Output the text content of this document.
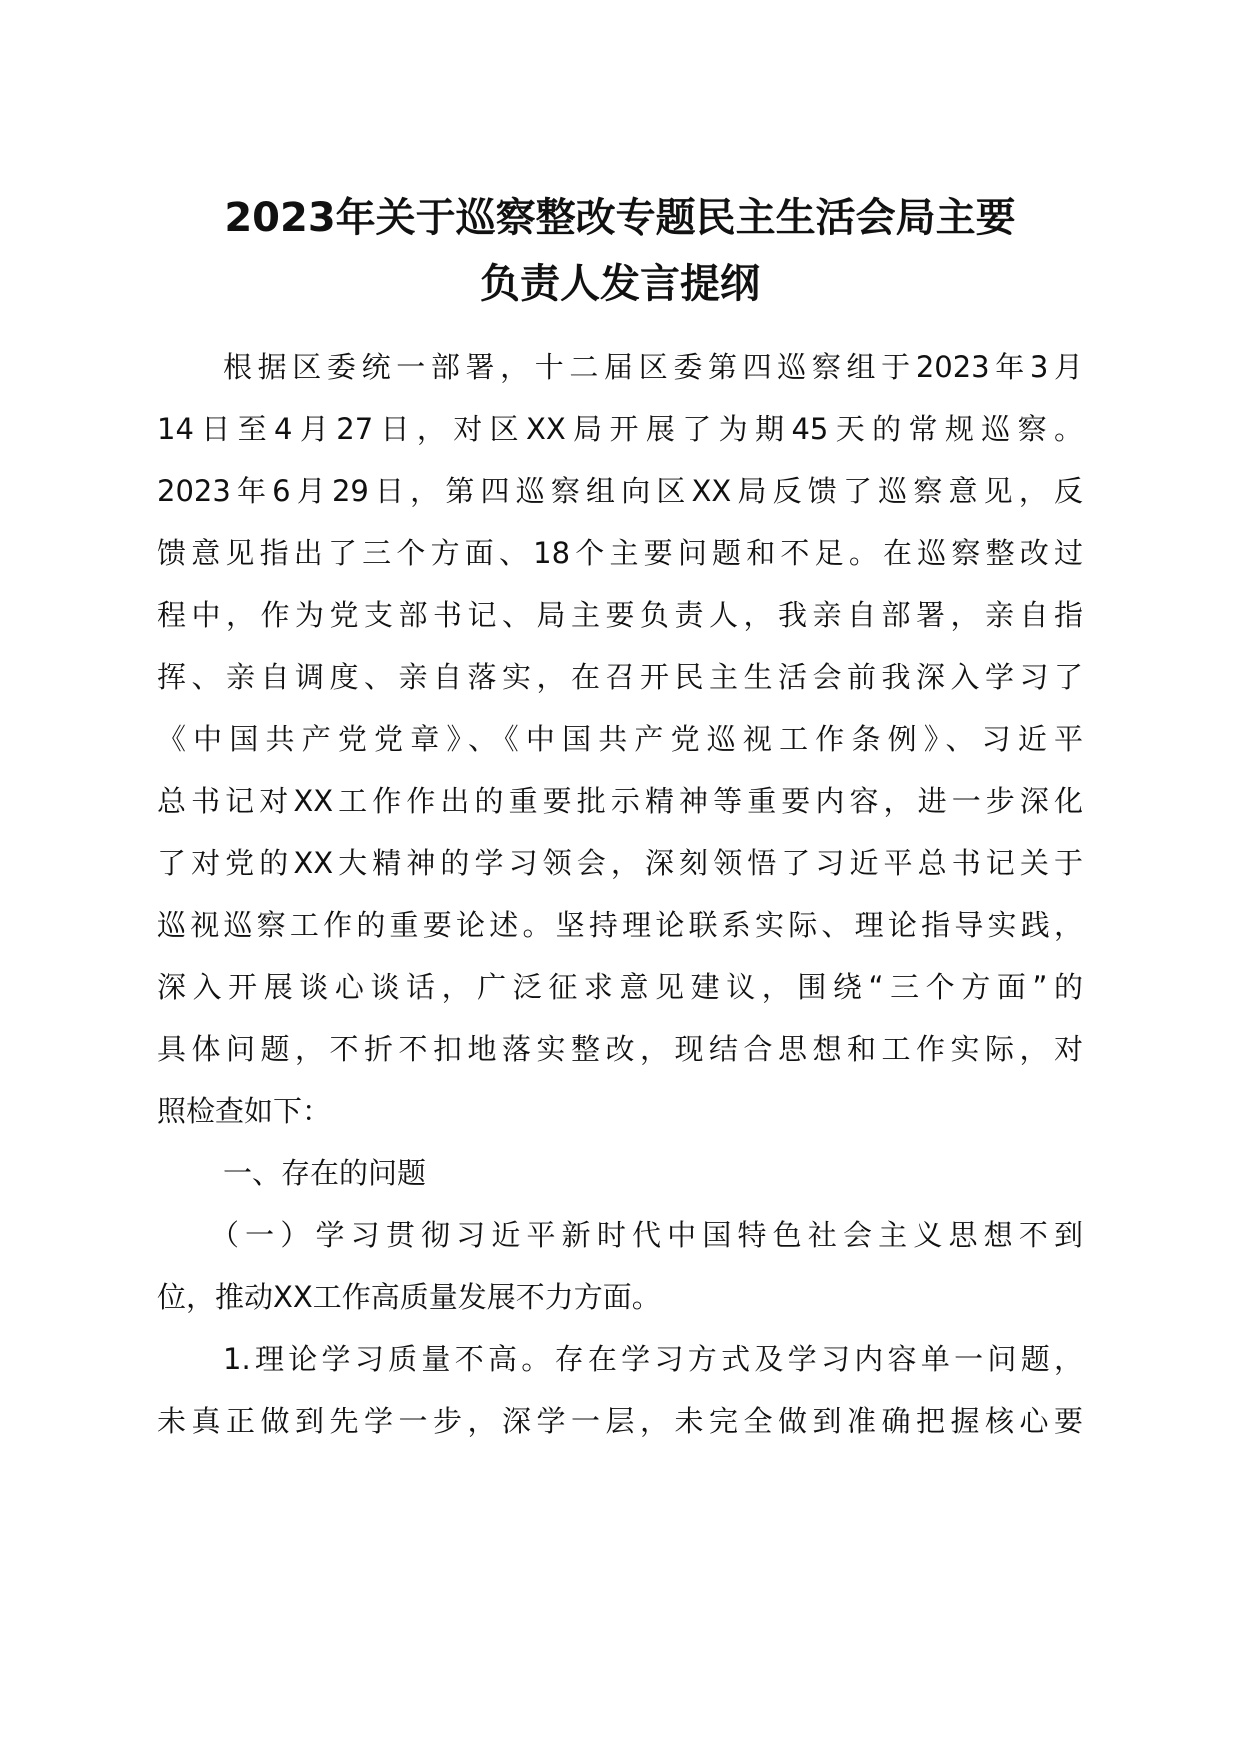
2023年关于巡察整改专题民主生活会局主要
负责人发言提纲

根据区委统一部署，十二届区委第四巡察组于2023年3月

14日至4月27日，对区XX局开展了为期45天的常规巡察。

2023年6月29日，第四巡察组向区XX局反馈了巡察意见，反

馈意见指出了三个方面、18个主要问题和不足。在巡察整改过

程中，作为党支部书记、局主要负责人，我亲自部署，亲自指

挥、亲自调度、亲自落实，在召开民主生活会前我深入学习了

《中国共产党党章》、《中国共产党巡视工作条例》、习近平

总书记对XX工作作出的重要批示精神等重要内容，进一步深化

了对党的XX大精神的学习领会，深刻领悟了习近平总书记关于

巡视巡察工作的重要论述。坚持理论联系实际、理论指导实践，

深入开展谈心谈话，广泛征求意见建议，围绕“三个方面”的

具体问题，不折不扣地落实整改，现结合思想和工作实际，对

照检查如下：

一、存在的问题

（一）学习贯彻习近平新时代中国特色社会主义思想不到

位，推动XX工作高质量发展不力方面。

1.理论学习质量不高。存在学习方式及学习内容单一问题，

未真正做到先学一步，深学一层，未完全做到准确把握核心要
